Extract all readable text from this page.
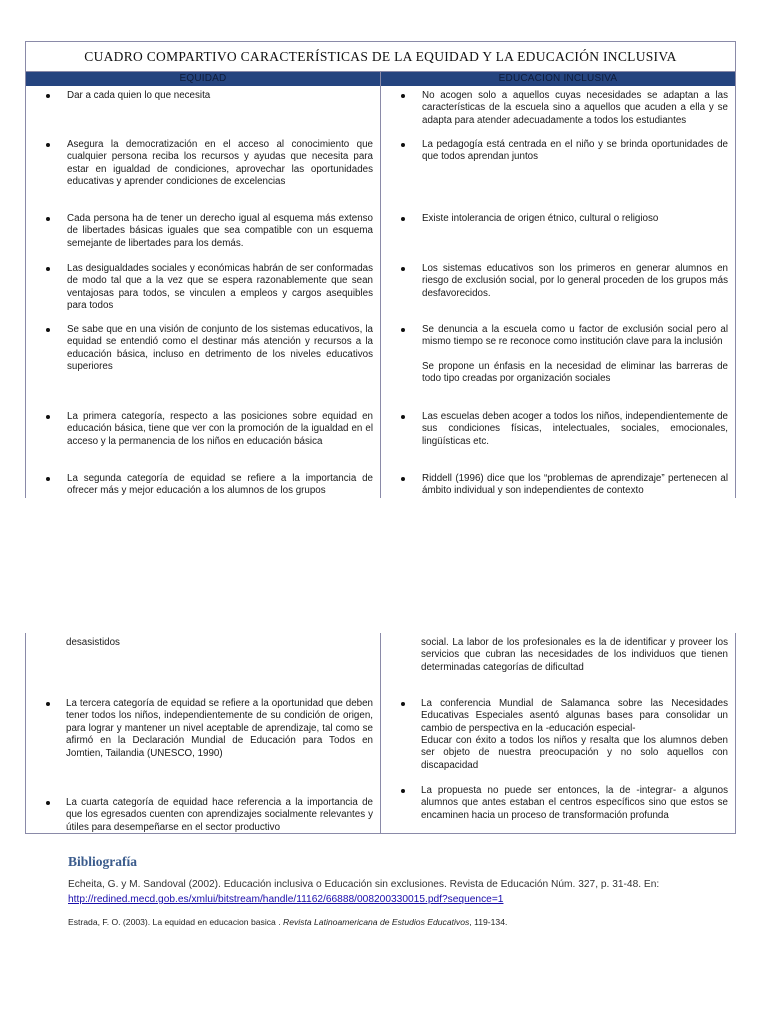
CUADRO COMPARTIVO CARACTERÍSTICAS DE LA EQUIDAD Y LA EDUCACIÓN INCLUSIVA
EQUIDAD	EDUCACION INCLUSIVA
Dar a cada quien lo que necesita
Asegura la democratización en el acceso al conocimiento que cualquier persona reciba los recursos y ayudas que necesita para estar en igualdad de condiciones, aprovechar las oportunidades educativas y aprender condiciones de excelencias
Cada persona ha de tener un derecho igual al esquema más extenso de libertades básicas iguales que sea compatible con un esquema semejante de libertades para los demás.
Las desigualdades sociales y económicas habrán de ser conformadas de modo tal que a la vez que se espera razonablemente que sean ventajosas para todos, se vinculen a empleos y cargos asequibles para todos
Se sabe que en una visión de conjunto de los sistemas educativos, la equidad se entendió como el destinar más atención y recursos a la educación básica, incluso en detrimento de los niveles educativos superiores
La primera categoría, respecto a las posiciones sobre equidad en educación básica, tiene que ver con la promoción de la igualdad en el acceso y la permanencia de los niños en educación básica
La segunda categoría de equidad se refiere a la importancia de ofrecer más y mejor educación a los alumnos de los grupos
No acogen solo a aquellos cuyas necesidades se adaptan a las características de la escuela sino a aquellos que acuden a ella y se adapta para atender adecuadamente a todos los estudiantes
La pedagogía está centrada en el niño y se brinda oportunidades de que todos aprendan juntos
Existe intolerancia de origen étnico, cultural o religioso
Los sistemas educativos son los primeros en generar alumnos en riesgo de exclusión social, por lo general proceden de los grupos más desfavorecidos.
Se denuncia a la escuela como u factor de exclusión social pero al mismo tiempo se re reconoce como institución clave para la inclusión
Se propone un énfasis en la necesidad de eliminar las barreras de todo tipo creadas por organización sociales
Las escuelas deben acoger a todos los niños, independientemente de sus condiciones físicas, intelectuales, sociales, emocionales, lingüísticas etc.
Riddell (1996) dice que los “problemas de aprendizaje” pertenecen al ámbito individual y son independientes de contexto
desasistidos
La tercera categoría de equidad se refiere a la oportunidad que deben tener todos los niños, independientemente de su condición de origen, para lograr y mantener un nivel aceptable de aprendizaje, tal como se afirmó en la Declaración Mundial de Educación para Todos en Jomtien, Tailandia (UNESCO, 1990)
La cuarta categoría de equidad hace referencia a la importancia de que los egresados cuenten con aprendizajes socialmente relevantes y útiles para desempeñarse en el sector productivo
social. La labor de los profesionales es la de identificar y proveer los servicios que cubran las necesidades de los individuos que tienen determinadas categorías de dificultad
La conferencia Mundial de Salamanca sobre las Necesidades Educativas Especiales asentó algunas bases para consolidar un cambio de perspectiva en la -educación especial-
Educar con éxito a todos los niños y resalta que los alumnos deben ser objeto de nuestra preocupación y no solo aquellos con discapacidad
La propuesta no puede ser entonces, la de -integrar- a algunos alumnos que antes estaban el centros específicos sino que estos se encaminen hacia un proceso de transformación profunda
Bibliografía
Echeita, G. y M. Sandoval (2002). Educación inclusiva o Educación sin exclusiones. Revista de Educación Núm. 327, p. 31-48. En:
http://redined.mecd.gob.es/xmlui/bitstream/handle/11162/66888/008200330015.pdf?sequence=1
Estrada, F. O. (2003). La equidad en educacion basica . Revista Latinoamericana de Estudios Educativos, 119-134.
